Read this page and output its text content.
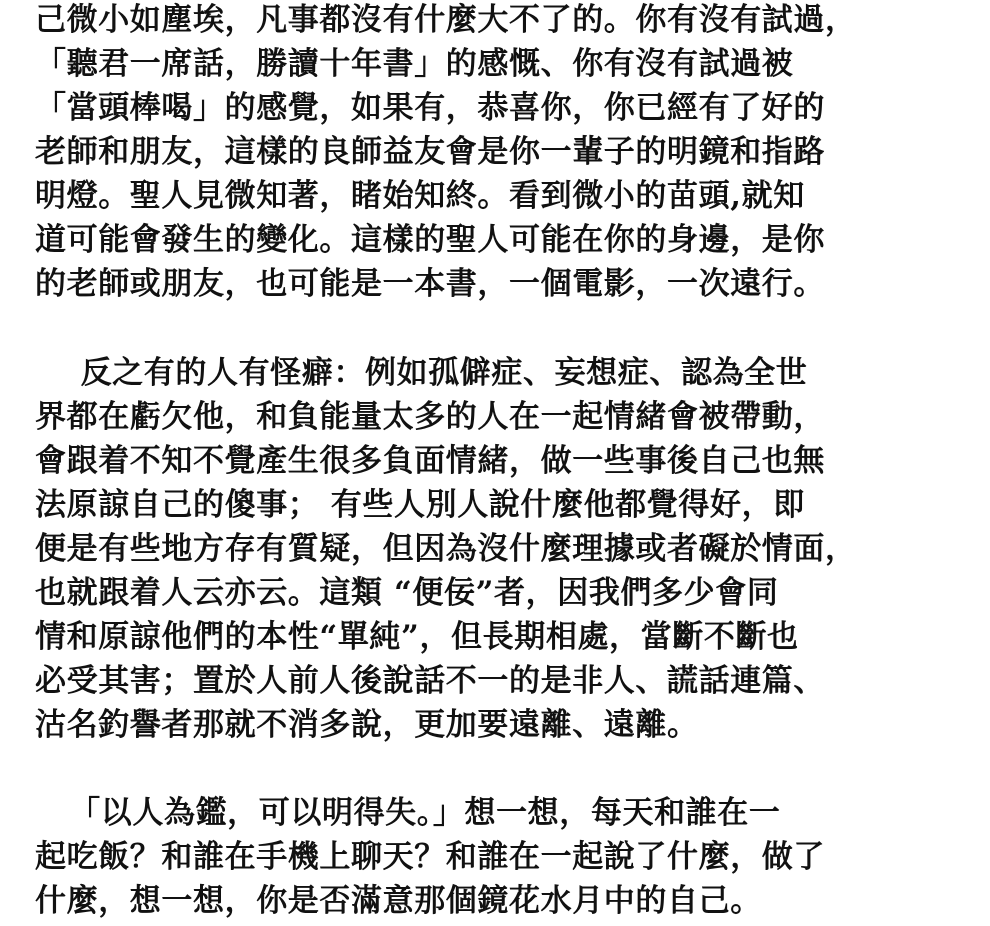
己微小如塵埃，凡事都沒有什麼大不了的。你有沒有試過，
「聽君一席話，勝讀十年書」的感慨、你有沒有試過被
「當頭棒喝」的感覺，如果有，恭喜你，你已經有了好的
老師和朋友，這樣的良師益友會是你一輩子的明鏡和指路
明燈。聖人見微知著，睹始知終。看到微小的苗頭,就知
道可能會發生的變化。這樣的聖人可能在你的身邊，是你
的老師或朋友，也可能是一本書，一個電影，一次遠行。
反之有的人有怪癖：例如孤僻症、妄想症、認為全世
界都在虧欠他，和負能量太多的人在一起情緒會被帶動，
會跟着不知不覺產生很多負面情緒，做一些事後自己也無
法原諒自己的傻事； 有些人別人說什麼他都覺得好，即
便是有些地方存有質疑，但因為沒什麼理據或者礙於情面，
也就跟着人云亦云。這類 “便佞”者，因我們多少會同
情和原諒他們的本性“單純”，但長期相處，當斷不斷也
必受其害；置於人前人後說話不一的是非人、謊話連篇、
沽名釣譽者那就不消多說，更加要遠離、遠離。
「以人為鑑，可以明得失。」想一想，每天和誰在一
起吃飯？和誰在手機上聊天？和誰在一起說了什麼，做了
什麼，想一想，你是否滿意那個鏡花水月中的自己。
